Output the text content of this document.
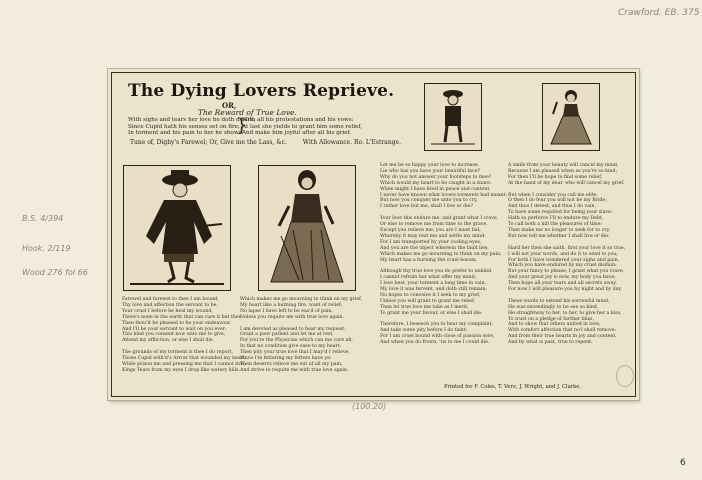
Crawford. EB. 375
B.S. 4/394
Hook. 2/119
Wood 276 fol 66
The Dying Lovers Reprieve.
OR,
The Reward of True Love.
With sighs and tears her love he doth desire,
Since Cupid hath his senses set on fire;
In torment and his pain to her he shows,
}
With all his protestations and his vows:
At last she yields to grant him some relief,
And make him joyful after all his grief.
Tune of, Digby's Farewel; Or, Give me the Lass, &c.	With Allowance. Ro. L'Estrange.
Farewel and farewel to thee I am bound,
Thy love and affection the servant to be,
Your cruel I before he heal my wound,
There's none in the earth that can cure it but thee:
Then thou'lt be pleased to be your endeavour,
And I'll be your servant to wait on you ever;
This kind you consent now unto me to give,
Attend my affliction, or else I shall die.

The grounds of my torment is thee I do report,
Those Cupid with'd's Arrow that wounded my heart,
While prison me and pressing me that I cannot live,
Kings Tears from my eyes I drop like watery hills.
Which makes me go mourning to think on my grief,
My heart like a burning fire, want of relief;
No lapse I have left to be eas'd of pain,
Unless you requite me with true love again.

I am devoted as pleased to hear my request,
Grant a poor patient and let me at rest,
For you're the Physician which can me cure all,
In that no condition give ease to my heart:
Then pity your true love that I may'd I relieve,
Since I'm fettering my fetters have ye:
Then deservs relieve me out of all my pain,
And strive to requite me with true love again.
Let me be so happy your love to increase,
Lie who has you have your beautiful face?
Why do you not answer your footsteps to mee?
Which would my heart to be caught in a snare:
When might I have lived in peace and content,
I never have known what lovers torments had meant;
But now you conquer me unto you to cry,
I rather love but me, shall I live or die?

Your love this endure me, and grant what I crave,
Or else to remove me from time to the grave,
Except you relieve me, you are I must fail;
Whereby it may rest me and settle my mind:
For I am transported by your cooling eyes,
And you are the object whereon the fault lies;
Which makes me go mourning to think on my pain,
My heart has a burning the cruel bosom.

Although thy true love you do prefer to unkind,
I cannot refrain but what offer my mind;
I love best, your torment a long time in vain,
My love it was fervent, and doth still remain;
No hopes to conceive it I seek to my grief,
Unless you will grant to grant me relief,
Then let true love me take as I merit,
To grant me your favour, or else I shall die.

Therefore, I beseech you to hear my complaint,
And take some pity before I do faint;
For I am cruel bound with close of passion sore,
And when you do frown, 'tis to me I could die.
A smile from your beauty will cancel my mind,
Because I am pleased when as you're so kind;
For then I'll be hope to find some relief,
At the hand of my dear, who will cancel my grief.

But when I consider you call me elite,
O then I do fear you will not be my Bride;
And thus I detest, and thus I do vain,
To have some requited for being your slave:
Hath so perforce I'll to endure my Debt,
To call both a kill the pleasures of time:
Then make me no longer to seek for to cry,
But now tell me whether I shall live or die.

Hard her then she saith, first your love it so true,
I will not your words, and do it to send to you;
For both I have wondered your sighs and pain,
Which you have endured by my cruel disdain:
But your fancy to please, I grant what you crave,
And your great joy is now, my body you have;
Then hope all your tears and all secrets away,
For now I will pleasure you by night and by day.

These words to extend his sorrowful mind,
He was exceedingly to be see so kind,
He straightway to her, to her, to give her a kiss,
To trust on a pledge of further bliss,
And to show that others united in love,
With comfort affection that no'l shall remove:
And from their true hearts in joy and content,
And by what is past, true to repent.
Printed for F. Coles, T. Vere, J. Wright, and J. Clarke.
(100.20)
6
